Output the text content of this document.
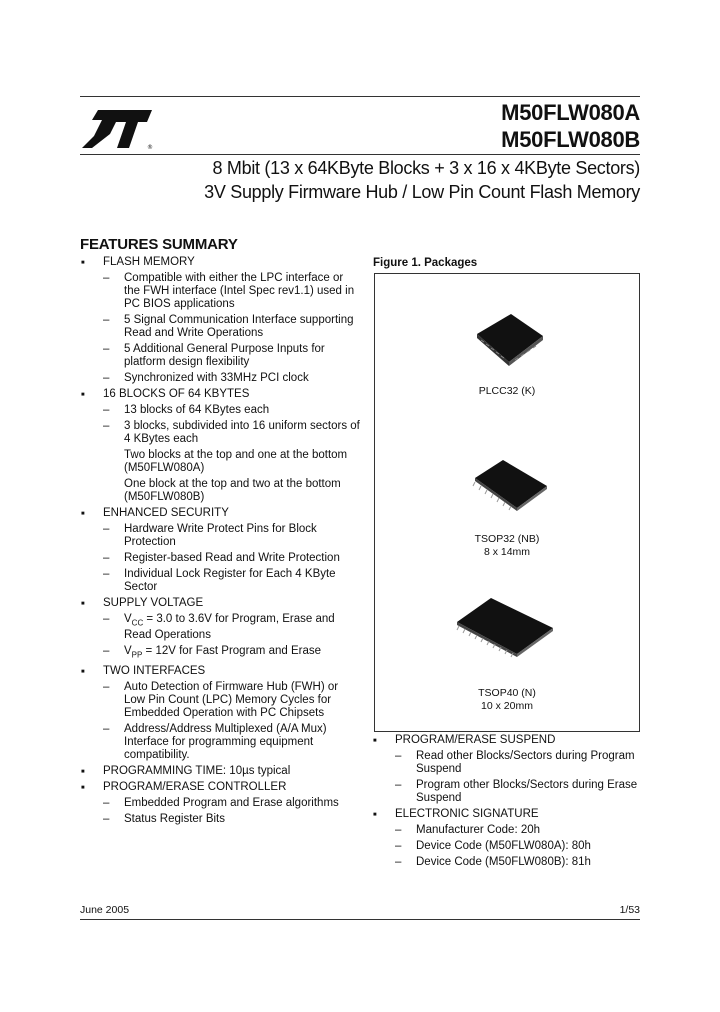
®
M50FLW080A
M50FLW080B
8 Mbit (13 x 64KByte Blocks + 3 x 16 x 4KByte Sectors)
3V Supply Firmware Hub / Low Pin Count Flash Memory
FEATURES SUMMARY
■ FLASH MEMORY
– Compatible with either the LPC interface or the FWH interface (Intel Spec rev1.1) used in PC BIOS applications
– 5 Signal Communication Interface supporting Read and Write Operations
– 5 Additional General Purpose Inputs for platform design flexibility
– Synchronized with 33MHz PCI clock
■ 16 BLOCKS OF 64 KBYTES
– 13 blocks of 64 KBytes each
– 3 blocks, subdivided into 16 uniform sectors of 4 KBytes each
Two blocks at the top and one at the bottom (M50FLW080A)
One block at the top and two at the bottom (M50FLW080B)
■ ENHANCED SECURITY
– Hardware Write Protect Pins for Block Protection
– Register-based Read and Write Protection
– Individual Lock Register for Each 4 KByte Sector
■ SUPPLY VOLTAGE
– $V_{CC} = 3.0$ to 3.6V for Program, Erase and Read Operations
– $V_{PP} = 12V$ for Fast Program and Erase
■ TWO INTERFACES
– Auto Detection of Firmware Hub (FWH) or Low Pin Count (LPC) Memory Cycles for Embedded Operation with PC Chipsets
– Address/Address Multiplexed (A/A Mux) Interface for programming equipment compatibility.
■ PROGRAMMING TIME: 10µs typical
■ PROGRAM/ERASE CONTROLLER
– Embedded Program and Erase algorithms
– Status Register Bits
Figure 1. Packages
PLCC32 (K)
TSOP32 (NB)
8 x 14mm
TSOP40 (N)
10 x 20mm
■ PROGRAM/ERASE SUSPEND
– Read other Blocks/Sectors during Program Suspend
– Program other Blocks/Sectors during Erase Suspend
■ ELECTRONIC SIGNATURE
– Manufacturer Code: 20h
– Device Code (M50FLW080A): 80h
– Device Code (M50FLW080B): 81h
June 2005	1/53
